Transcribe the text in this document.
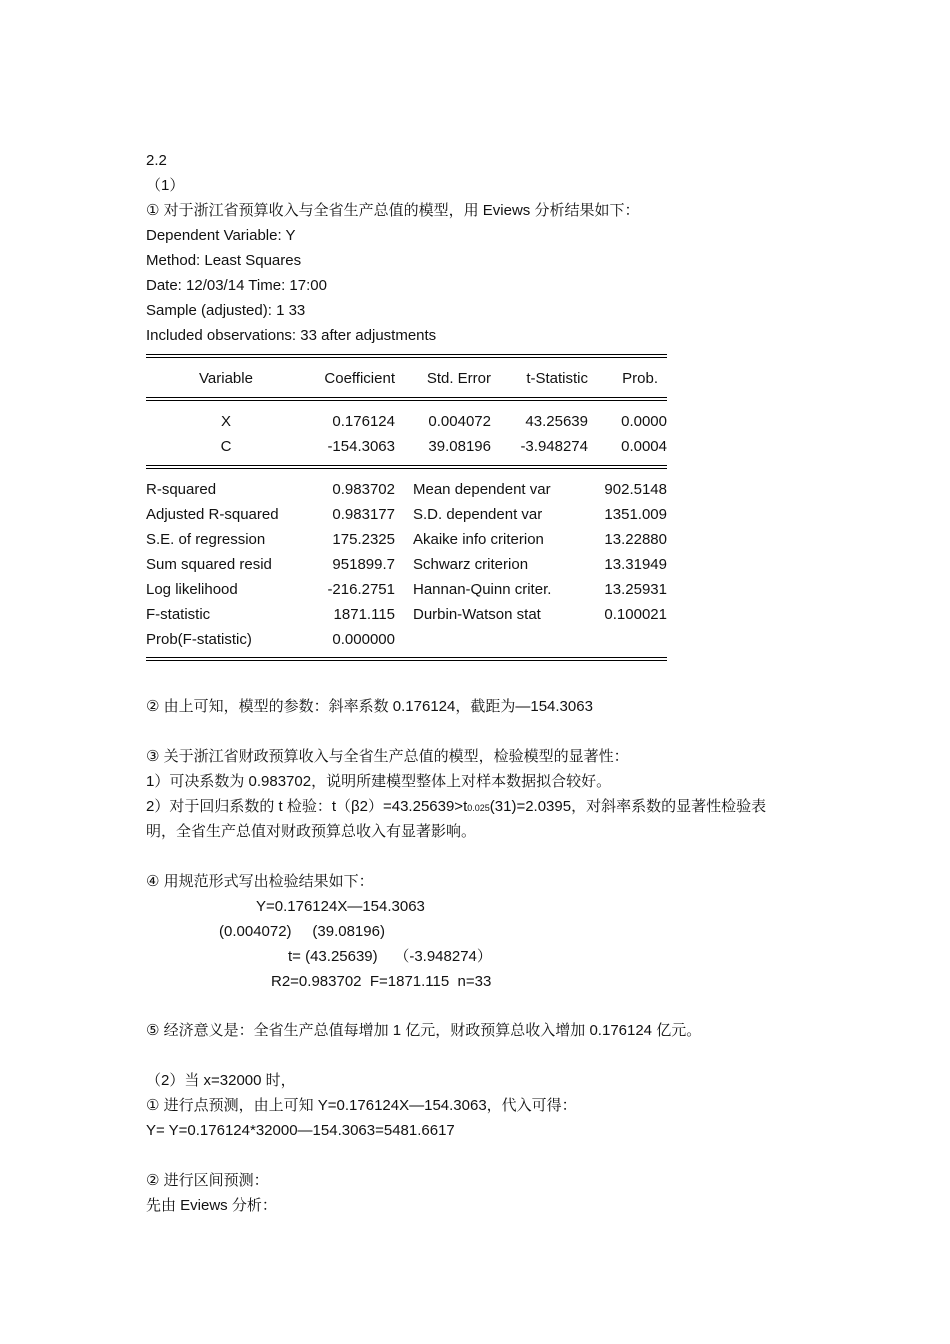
2.2
（1）
① 对于浙江省预算收入与全省生产总值的模型，用 Eviews 分析结果如下：
Dependent Variable: Y
Method: Least Squares
Date: 12/03/14 Time: 17:00
Sample (adjusted): 1 33
Included observations: 33 after adjustments
Variable	Coefficient	Std. Error	t-Statistic	Prob.
X	0.176124	0.004072	43.25639	0.0000
C	-154.3063	39.08196	-3.948274	0.0004
R-squared	0.983702 Mean dependent var	902.5148
Adjusted R-squared	0.983177 S.D. dependent var	1351.009
S.E. of regression	175.2325 Akaike info criterion	13.22880
Sum squared resid	951899.7 Schwarz criterion	13.31949
Log likelihood	-216.2751 Hannan-Quinn criter.	13.25931
F-statistic	1871.115 Durbin-Watson stat	0.100021
Prob(F-statistic)	0.000000
② 由上可知，模型的参数：斜率系数 0.176124，截距为—154.3063
③ 关于浙江省财政预算收入与全省生产总值的模型，检验模型的显著性：
1）可决系数为 0.983702，说明所建模型整体上对样本数据拟合较好。
2）对于回归系数的 t 检验：t（β2）=43.25639>t0.025(31)=2.0395，对斜率系数的显著性检验表
明，全省生产总值对财政预算总收入有显著影响。
④ 用规范形式写出检验结果如下：
Y=0.176124X—154.3063
(0.004072)     (39.08196)
t= (43.25639)    （-3.948274）
R2=0.983702  F=1871.115  n=33
⑤ 经济意义是：全省生产总值每增加 1 亿元，财政预算总收入增加 0.176124 亿元。
（2）当 x=32000 时，
① 进行点预测，由上可知 Y=0.176124X—154.3063，代入可得：
Y= Y=0.176124*32000—154.3063=5481.6617
② 进行区间预测：
先由 Eviews 分析：
